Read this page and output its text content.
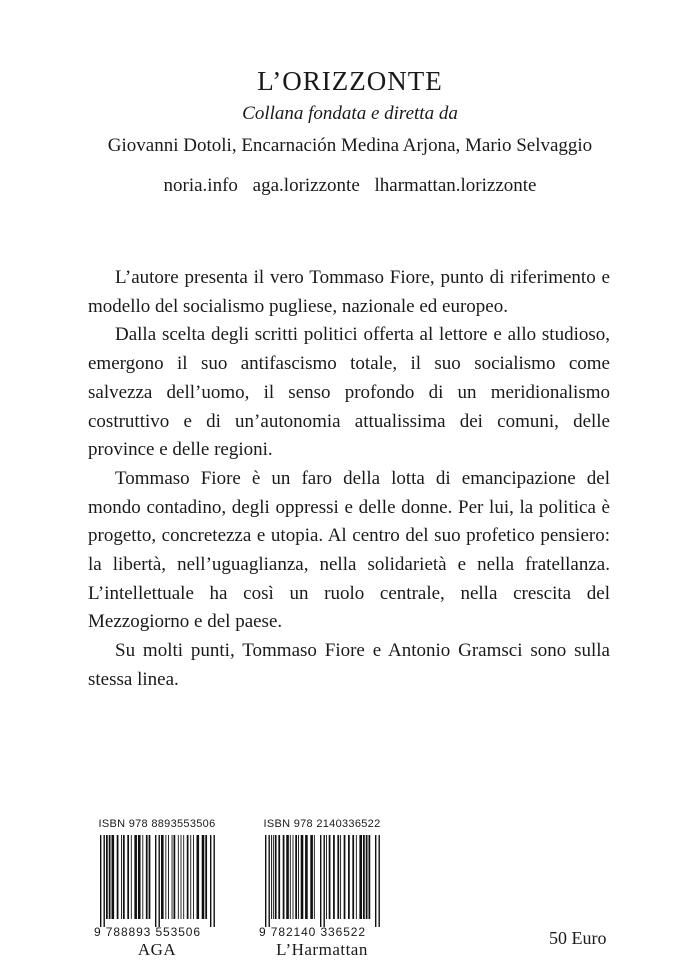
L’ORIZZONTE
Collana fondata e diretta da
Giovanni Dotoli, Encarnación Medina Arjona, Mario Selvaggio
noria.info aga.lorizzonte lharmattan.lorizzonte

L’autore presenta il vero Tommaso Fiore, punto di riferimento e modello del socialismo pugliese, nazionale ed europeo.

Dalla scelta degli scritti politici offerta al lettore e allo studioso, emergono il suo antifascismo totale, il suo socialismo come salvezza dell’uomo, il senso profondo di un meridionalismo costruttivo e di un’autonomia attualissima dei comuni, delle province e delle regioni.

Tommaso Fiore è un faro della lotta di emancipazione del mondo contadino, degli oppressi e delle donne. Per lui, la politica è progetto, concretezza e utopia. Al centro del suo profetico pensiero: la libertà, nell’uguaglianza, nella solidarietà e nella fratellanza. L’intellettuale ha così un ruolo centrale, nella crescita del Mezzogiorno e del paese.

Su molti punti, Tommaso Fiore e Antonio Gramsci sono sulla stessa linea.

ISBN 978 8893553506
9 788893 553506
AGA
ISBN 978 2140336522
9 782140 336522
L’Harmattan
50 Euro
